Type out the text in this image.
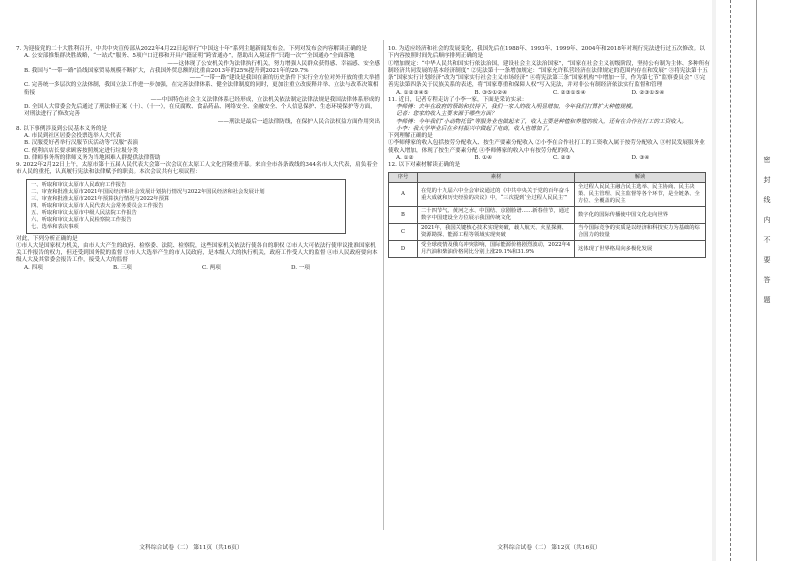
7. 为迎接党的二十大胜利召开，中共中央宣传部从2022年4月22日起举行“中国这十年”系列主题新闻发布会。下列对发布会内容解读正确的是

A. 公安部推集群决胜战略，“一站式”服务、5项户口迁移和开具户籍证明“跨省通办”，帮助出入境证件“只跑一次”“全国通办”全面落地

——这体现了公安机关作为法律执行机关，努力增强人民群众获得感、幸福感、安全感

B. 我国与“一带一路”沿线国家贸易规模不断扩大，占我国外贸总额的比重由2013年的25%提升到2021年的29.7%

——“一带一路”建设是我国在新的历史条件下实行全方位对外开放的重大举措

C. 完善统一多层次的立法体制，我国立法工作进一步加强，在完善法律体系、健全法律制度的同时，更加注重立改废释并举、立法与改革决策相衔接

——中国特色社会主义法律体系已经形成，立法机关依法制定法律法规是我国法律体系形成的

D. 全国人大常委会先后通过了刑法修正案（十）、（十一），在反腐败、食品药品、网络安全、金融安全、个人信息保护、生态环境保护等方面，对刑法进行了修改完善

——刑法是最后一道法律防线，在保护人民合法权益方面作用突出

8. 以下事例涉及到公民基本义务的是

A. 市民到社区居委会投票选举人大代表

B. 汉服爱好者举行汉服节庆活动等“汉服”表演

C. 便利店店长要求顾客按照规定进行垃圾分类

D. 律师事务所的律师义务为当地困难人群提供法律帮助

9. 2022年2月22日上午，太原市第十五届人民代表大会第一次会议在太原工人文化宫隆重开幕。来自全市各条战线的344名市人大代表，肩负着全市人民的重托，认真履行宪法和法律赋予的职责。本次会议共有七项议程：

一、听取和审议太原市人民政府工作报告
二、审查和批准太原市2021年国民经济和社会发展计划执行情况与2022年国民经济和社会发展计划
三、审查和批准太原市2021年预算执行情况与2022年预算
四、听取和审议太原市人民代表大会常务委员会工作报告
五、听取和审议太原市中级人民法院工作报告
六、听取和审议太原市人民检察院工作报告
七、选举和表决事项

对此，下列分析正确的是

①市人大是国家权力机关，由市人大产生的政府、检察委、法院、检察院，这些国家机关依法行使各自的职权 ②市人大可依法行使审议批准国家机关工作报告的权力，但还受到国务院的监督 ③市人大选举产生的市人民政府，是本级人大的执行机关，政府工作受人大的监督 ④市人民政府要向本级人大及其常委会报告工作，接受人大的监督

A. 四项	B. 三项	C. 两项	D. 一项
文科综合试卷（二） 第11页（共16页）

10. 为适应经济和社会的发展变化，我国先后在1988年、1993年、1999年、2004年和2018年对现行宪法进行过五次修改。以下内容按照时间先后顺序排列正确的是

①增加规定：“中华人民共和国实行依法治国，建设社会主义法治国家”，“国家在社会主义初级阶段，坚持公有制为主体、多种所有制经济共同发展的基本经济制度” ②宪法第十一条增加规定：“国家允许私营经济在法律规定的范围内存在和发展” ③将宪法第十五条“国家实行计划经济”改为“国家实行社会主义市场经济” ④将宪法第三条“国家机构”中增加一节，作为第七节“监察委员会” ⑤完善宪法第四条关于民族关系的表述，将“国家尊重和保障人权”写入宪法，并对非公有制经济依法实行监督和管理

A. ①②③④⑤	B. ③⑤①②④	C. ②③①⑤④	D. ②③①⑤④

11. 近日，记者专程走访了小李一家，下面是采访实录：

李师傅：去年在政府的帮助和扶持下，我们一家人的收入明显增加，今年我们打算扩大种植规模。

记者：您家的收入主要来源于哪些方面？

李师傅：今年我们“小动物托管”等服务业也做起来了，收入主要是种植和养殖的收入，还有在合作社打工的工资收入。

小李：我大学毕业后在乡村振兴中做起了电商，收入也增加了。

下列理解正确的是

①李师傅家的收入包括按劳分配收入、按生产要素分配收入 ②小李在合作社打工的工资收入属于按劳分配收入 ③村民发展服务业使收入增加，体现了按生产要素分配 ④李师傅家的收入中有按劳分配的收入

A. ①②	B. ①④	C. ②③	D. ③④

12. 以下对素材解读正确的是

序号	素材	解读
A	在党的十九届六中全会审议通过的《中共中央关于党的百年奋斗重大成就和历史经验的决议》中，“三次提到‘全过程人民民主’”	全过程人民民主融合民主选举、民主协商、民主决策、民主管理、民主监督等各个环节，是全链条、全方位、全覆盖的民主
B	二十四节气、黄河之水、中国结、京剧脸谱……新春佳节，通过数字中国建设全方位展示我国传统文化	数字化的国际传播使中国文化走向世界
C	2021年，我国关键核心技术实现突破，载人航天、火星探测、资源勘探、能源工程等领域实现突破	当今国际竞争的实质是以经济和科技实力为基础的综合国力的较量
D	受全球疫情及俄乌冲突影响，国际能源价格剧烈波动，2022年4月汽油和柴油价格同比分别上涨29.1%和31.9%	这体现了世界格局向多极化发展
文科综合试卷（二） 第12页（共16页）
密封线内不要答题
